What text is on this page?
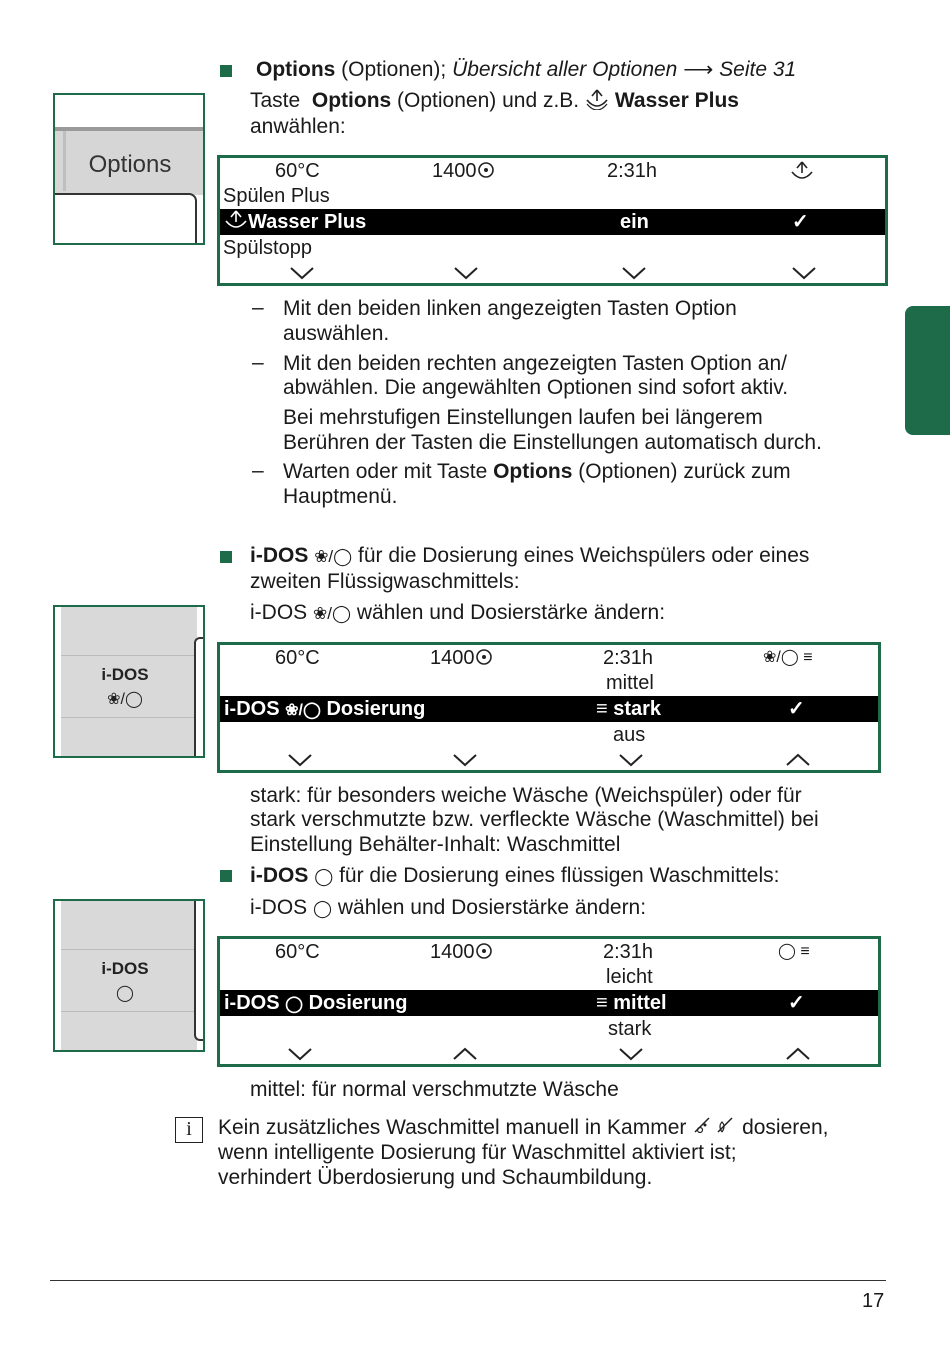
Options (Optionen); Übersicht aller Optionen ⟶ Seite 31
Taste Options (Optionen) und z.B. Wasser Plus
anwählen:
Options	60°C	1400	2:31h
Spülen Plus
Wasser Plus	ein	✓
Spülstopp
– Mit den beiden linken angezeigten Tasten Option
auswählen.
– Mit den beiden rechten angezeigten Tasten Option an/
abwählen. Die angewählten Optionen sind sofort aktiv.
Bei mehrstufigen Einstellungen laufen bei längerem
Berühren der Tasten die Einstellungen automatisch durch.
– Warten oder mit Taste Options (Optionen) zurück zum
Hauptmenü.
i-DOS ❀/◯ für die Dosierung eines Weichspülers oder eines
zweiten Flüssigwaschmittels:
i-DOS ❀/◯ wählen und Dosierstärke ändern:
i-DOS
❀/◯
60°C	1400	2:31h	❀/◯ ≡
mittel
i-DOS ❀/◯ Dosierung	≡ stark	✓
aus
stark: für besonders weiche Wäsche (Weichspüler) oder für
stark verschmutzte bzw. verfleckte Wäsche (Waschmittel) bei
Einstellung Behälter-Inhalt: Waschmittel
i-DOS ◯ für die Dosierung eines flüssigen Waschmittels:
i-DOS ◯ wählen und Dosierstärke ändern:
i-DOS
◯
60°C	1400	2:31h	◯ ≡
leicht
i-DOS ◯ Dosierung	≡ mittel	✓
stark
mittel: für normal verschmutzte Wäsche
i	Kein zusätzliches Waschmittel manuell in Kammer	dosieren,
wenn intelligente Dosierung für Waschmittel aktiviert ist;
verhindert Überdosierung und Schaumbildung.
17
